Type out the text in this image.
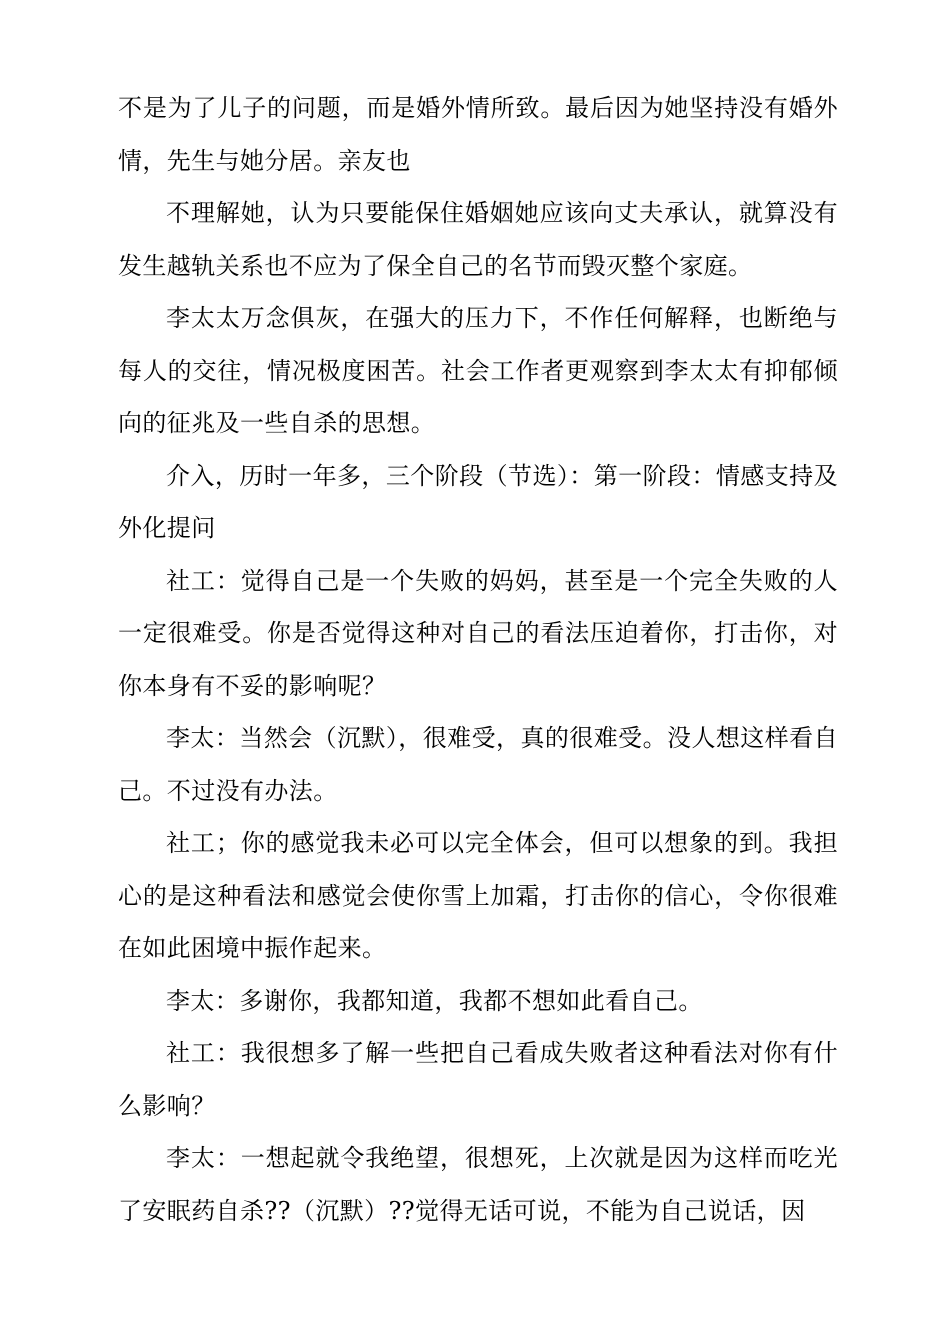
不是为了儿子的问题，而是婚外情所致。最后因为她坚持没有婚外情，先生与她分居。亲友也

不理解她，认为只要能保住婚姻她应该向丈夫承认，就算没有发生越轨关系也不应为了保全自己的名节而毁灭整个家庭。

李太太万念俱灰，在强大的压力下，不作任何解释，也断绝与每人的交往，情况极度困苦。社会工作者更观察到李太太有抑郁倾向的征兆及一些自杀的思想。

介入，历时一年多，三个阶段（节选）：第一阶段：情感支持及外化提问

社工：觉得自己是一个失败的妈妈，甚至是一个完全失败的人一定很难受。你是否觉得这种对自己的看法压迫着你，打击你，对你本身有不妥的影响呢？

李太：当然会（沉默），很难受，真的很难受。没人想这样看自己。不过没有办法。

社工；你的感觉我未必可以完全体会，但可以想象的到。我担心的是这种看法和感觉会使你雪上加霜，打击你的信心，令你很难在如此困境中振作起来。

李太：多谢你，我都知道，我都不想如此看自己。

社工：我很想多了解一些把自己看成失败者这种看法对你有什么影响？

李太：一想起就令我绝望，很想死，上次就是因为这样而吃光了安眠药自杀??（沉默）??觉得无话可说，不能为自己说话，因
